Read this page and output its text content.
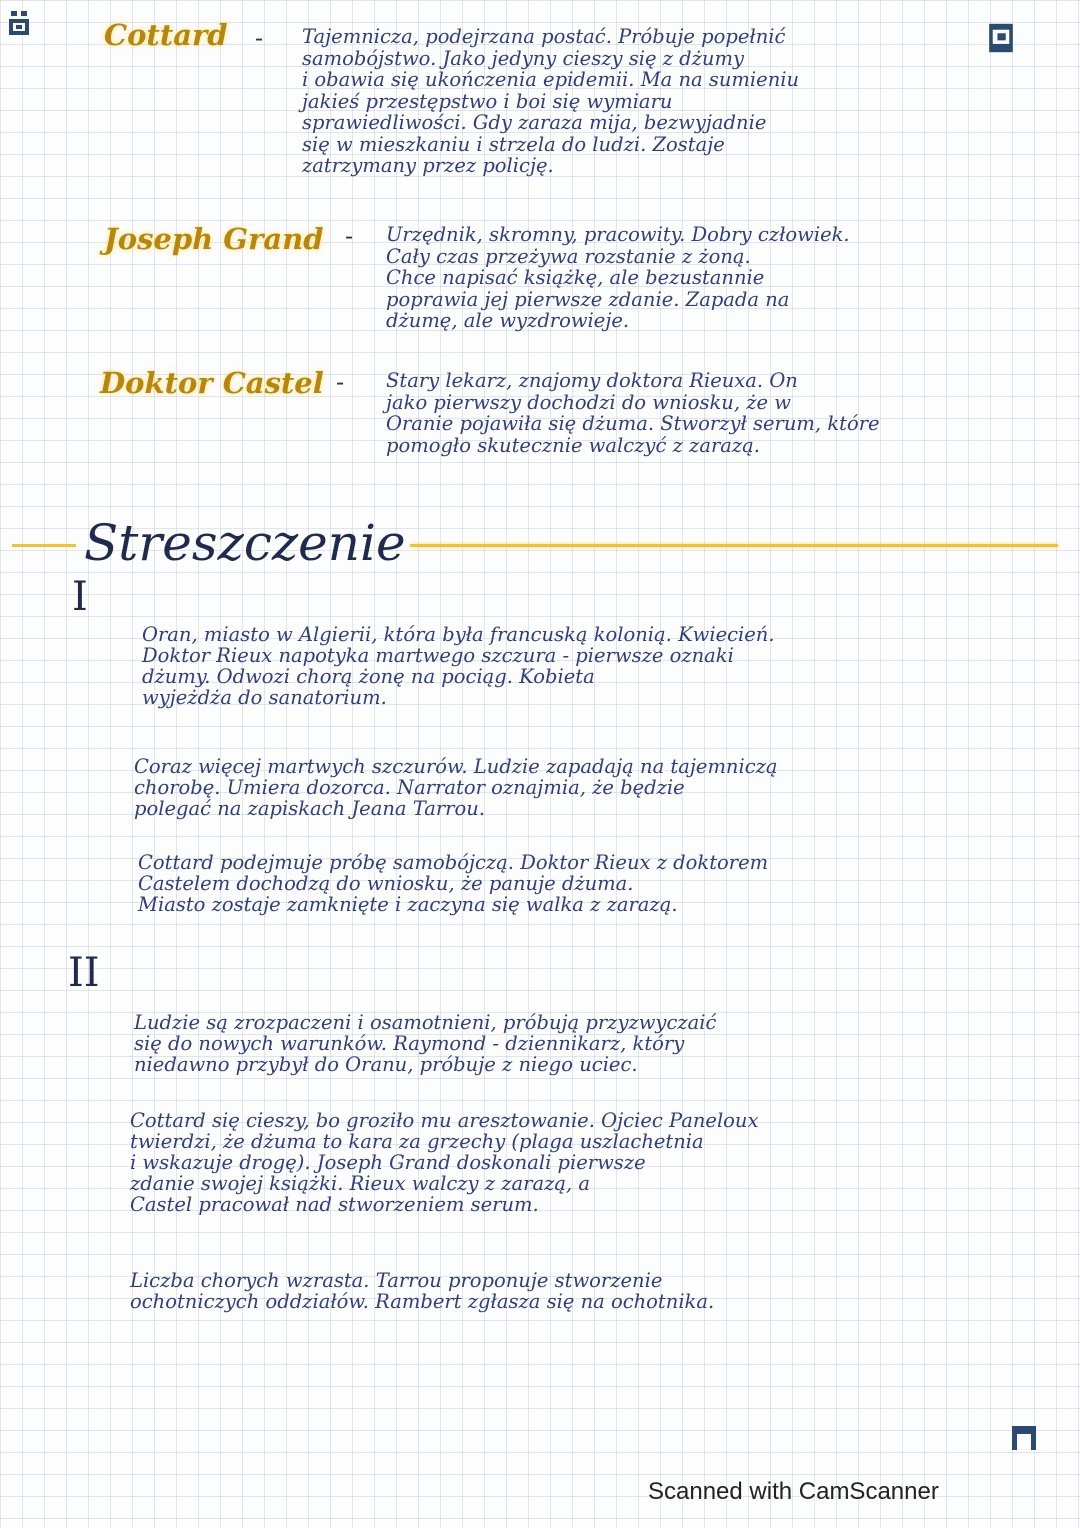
Cottard - Tajemnicza, podejrzana postać. Próbuje popełnić
samobójstwo. Jako jedyny cieszy się z dżumy
i obawia się ukończenia epidemii. Ma na sumieniu
jakieś przestępstwo i boi się wymiaru
sprawiedliwości. Gdy zaraza mija, bezwyjadnie
się w mieszkaniu i strzela do ludzi. Zostaje
zatrzymany przez policję.
Joseph Grand - Urzędnik, skromny, pracowity. Dobry człowiek.
Cały czas przeżywa rozstanie z żoną.
Chce napisać książkę, ale bezustannie
poprawia jej pierwsze zdanie. Zapada na
dżumę, ale wyzdrowieje.
Doktor Castel - Stary lekarz, znajomy doktora Rieuxa. On
jako pierwszy dochodzi do wniosku, że w
Oranie pojawiła się dżuma. Stworzył serum, które
pomogło skutecznie walczyć z zarazą.
Streszczenie
I
Oran, miasto w Algierii, która była francuską kolonią. Kwiecień.
Doktor Rieux napotyka martwego szczura - pierwsze oznaki
dżumy. Odwozi chorą żonę na pociąg. Kobieta
wyjeżdża do sanatorium.
Coraz więcej martwych szczurów. Ludzie zapadają na tajemniczą
chorobę. Umiera dozorca. Narrator oznajmia, że będzie
polegać na zapiskach Jeana Tarrou.
Cottard podejmuje próbę samobójczą. Doktor Rieux z doktorem
Castelem dochodzą do wniosku, że panuje dżuma.
Miasto zostaje zamknięte i zaczyna się walka z zarazą.
II
Ludzie są zrozpaczeni i osamotnieni, próbują przyzwyczaić
się do nowych warunków. Raymond - dziennikarz, który
niedawno przybył do Oranu, próbuje z niego uciec.
Cottard się cieszy, bo groziło mu aresztowanie. Ojciec Paneloux
twierdzi, że dżuma to kara za grzechy (plaga uszlachetnia
i wskazuje drogę). Joseph Grand doskonali pierwsze
zdanie swojej książki. Rieux walczy z zarazą, a
Castel pracował nad stworzeniem serum.
Liczba chorych wzrasta. Tarrou proponuje stworzenie
ochotniczych oddziałów. Rambert zgłasza się na ochotnika.
Scanned with CamScanner
